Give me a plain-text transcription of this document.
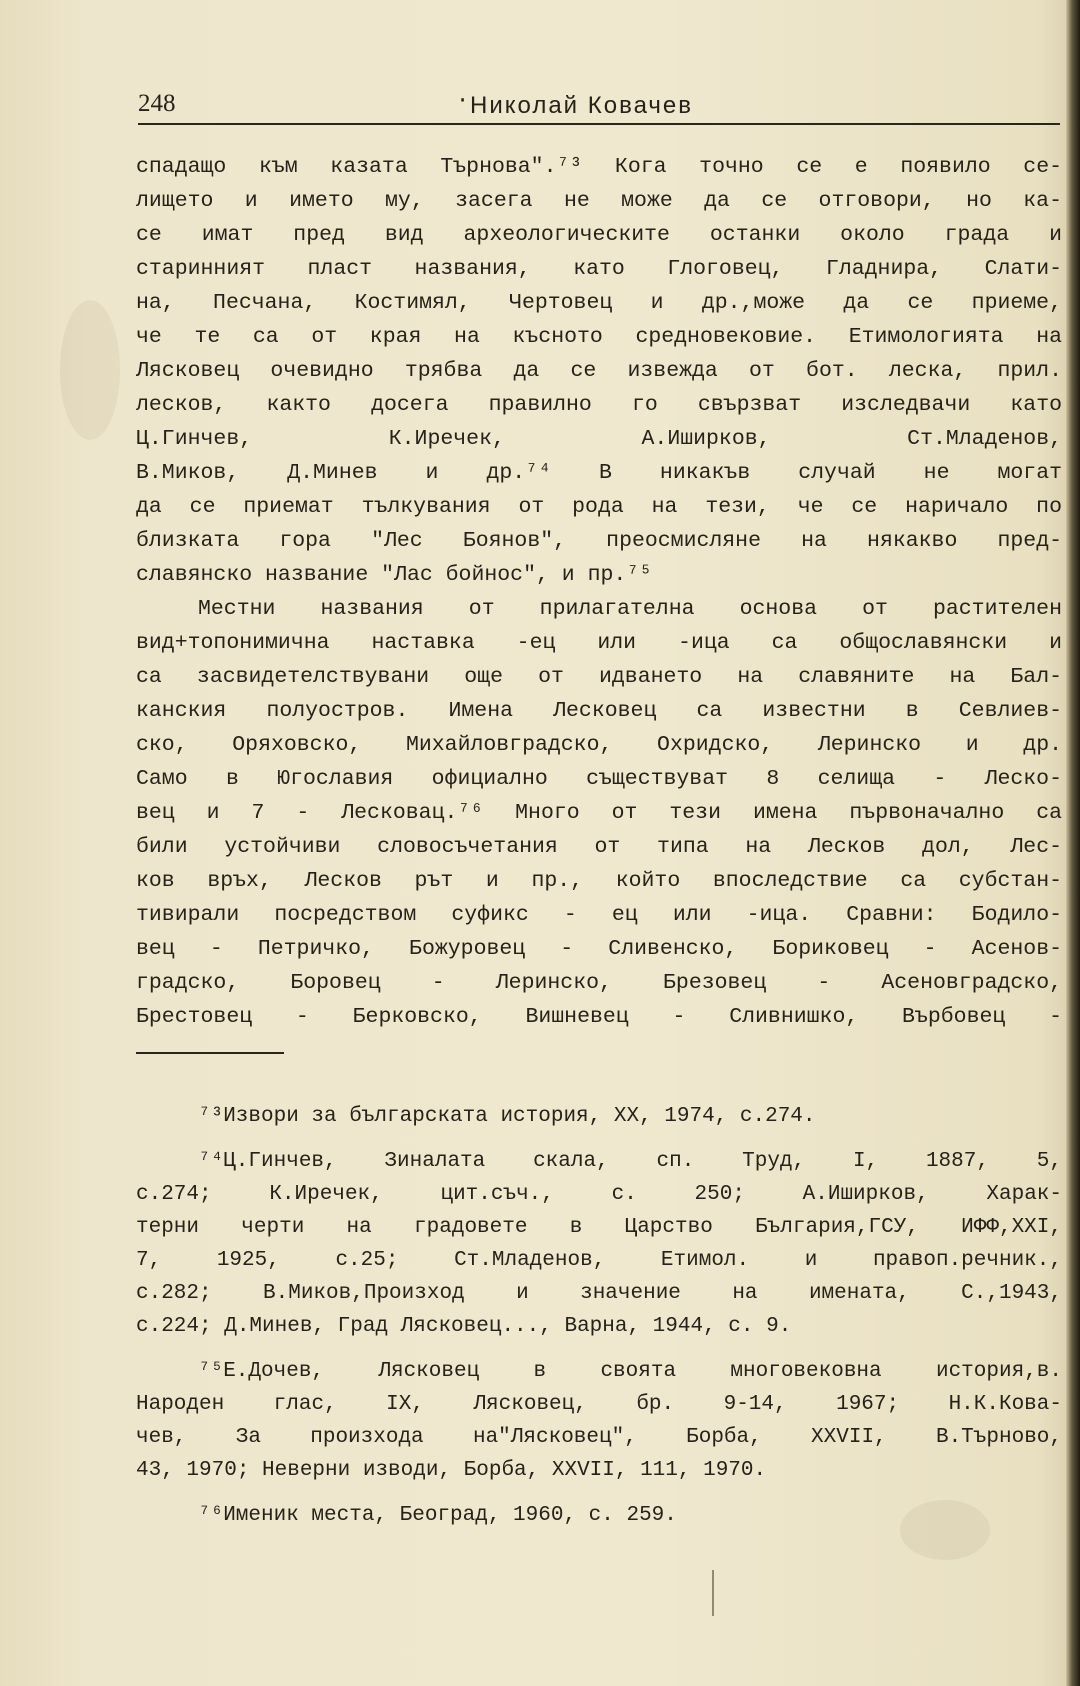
248	· Николай Ковачев
спадащо към казата Търнова".⁷³ Кога точно се е появило се-
лището и името му, засега не може да се отговори, но ка-
се имат пред вид археологическите останки около града и
старинният пласт названия, като Глоговец, Гладнира, Слати-
на, Песчана, Костимял, Чертовец и др.,може да се приеме,
че те са от края на късното средновековие. Етимологията на
Лясковец очевидно трябва да се извежда от бот. леска, прил.
лесков, както досега правилно го свързват изследвачи като
Ц.Гинчев, К.Иречек, А.Иширков, Ст.Младенов,
В.Миков, Д.Минев и др.⁷⁴ В никакъв случай не могат
да се приемат тълкувания от рода на тези, че се наричало по
близката гора "Лес Боянов", преосмисляне на някакво пред-
славянско название "Лас бойнос", и пр.⁷⁵
Местни названия от прилагателна основа от растителен
вид+топонимична наставка -ец или -ица са общославянски и
са засвидетелствувани още от идването на славяните на Бал-
канския полуостров. Имена Лесковец са известни в Севлиев-
ско, Оряховско, Михайловградско, Охридско, Леринско и др.
Само в Югославия официално съществуват 8 селища - Леско-
вец и 7 - Лесковац.⁷⁶ Много от тези имена първоначално са
били устойчиви словосъчетания от типа на Лесков дол, Лес-
ков връх, Лесков рът и пр., който впоследствие са субстан-
тивирали посредством суфикс - ец или -ица. Сравни: Бодило-
вец - Петричко, Божуровец - Сливенско, Бориковец - Асенов-
градско, Боровец - Леринско, Брезовец - Асеновградско,
Брестовец - Берковско, Вишневец - Сливнишко, Върбовец -
⁷³Извори за българската история, XX, 1974, с.274.
⁷⁴Ц.Гинчев, Зиналата скала, сп. Труд, I, 1887, 5,
с.274; К.Иречек, цит.съч., с. 250; А.Иширков, Харак-
терни черти на градовете в Царство България,ГСУ, ИФФ,XXI,
7, 1925, с.25; Ст.Младенов, Етимол. и правоп.речник.,
с.282; В.Миков,Произход и значение на имената, С.,1943,
с.224; Д.Минев, Град Лясковец..., Варна, 1944, с. 9.
⁷⁵Е.Дочев, Лясковец в своята многовековна история,в.
Народен глас, IX, Лясковец, бр. 9-14, 1967; Н.К.Кова-
чев, За произхода на"Лясковец", Борба, XXVII, В.Търново,
43, 1970; Неверни изводи, Борба, XXVII, 111, 1970.
⁷⁶Именик места, Београд, 1960, с. 259.
